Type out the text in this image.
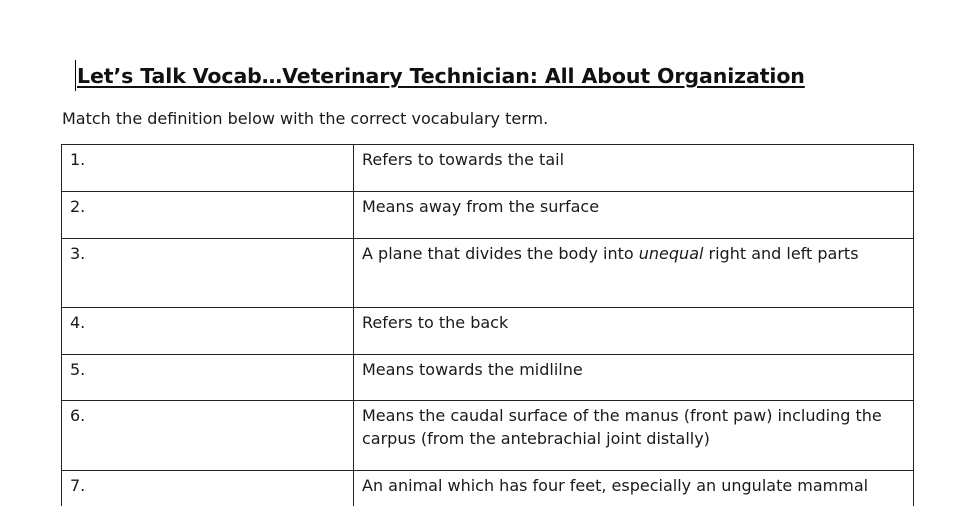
Let’s Talk Vocab…Veterinary Technician: All About Organization

Match the definition below with the correct vocabulary term.

1.	Refers to towards the tail
2.	Means away from the surface
3.	A plane that divides the body into unequal right and left parts
4.	Refers to the back
5.	Means towards the midlilne
6.	Means the caudal surface of the manus (front paw) including the carpus (from the antebrachial joint distally)
7.	An animal which has four feet, especially an ungulate mammal
